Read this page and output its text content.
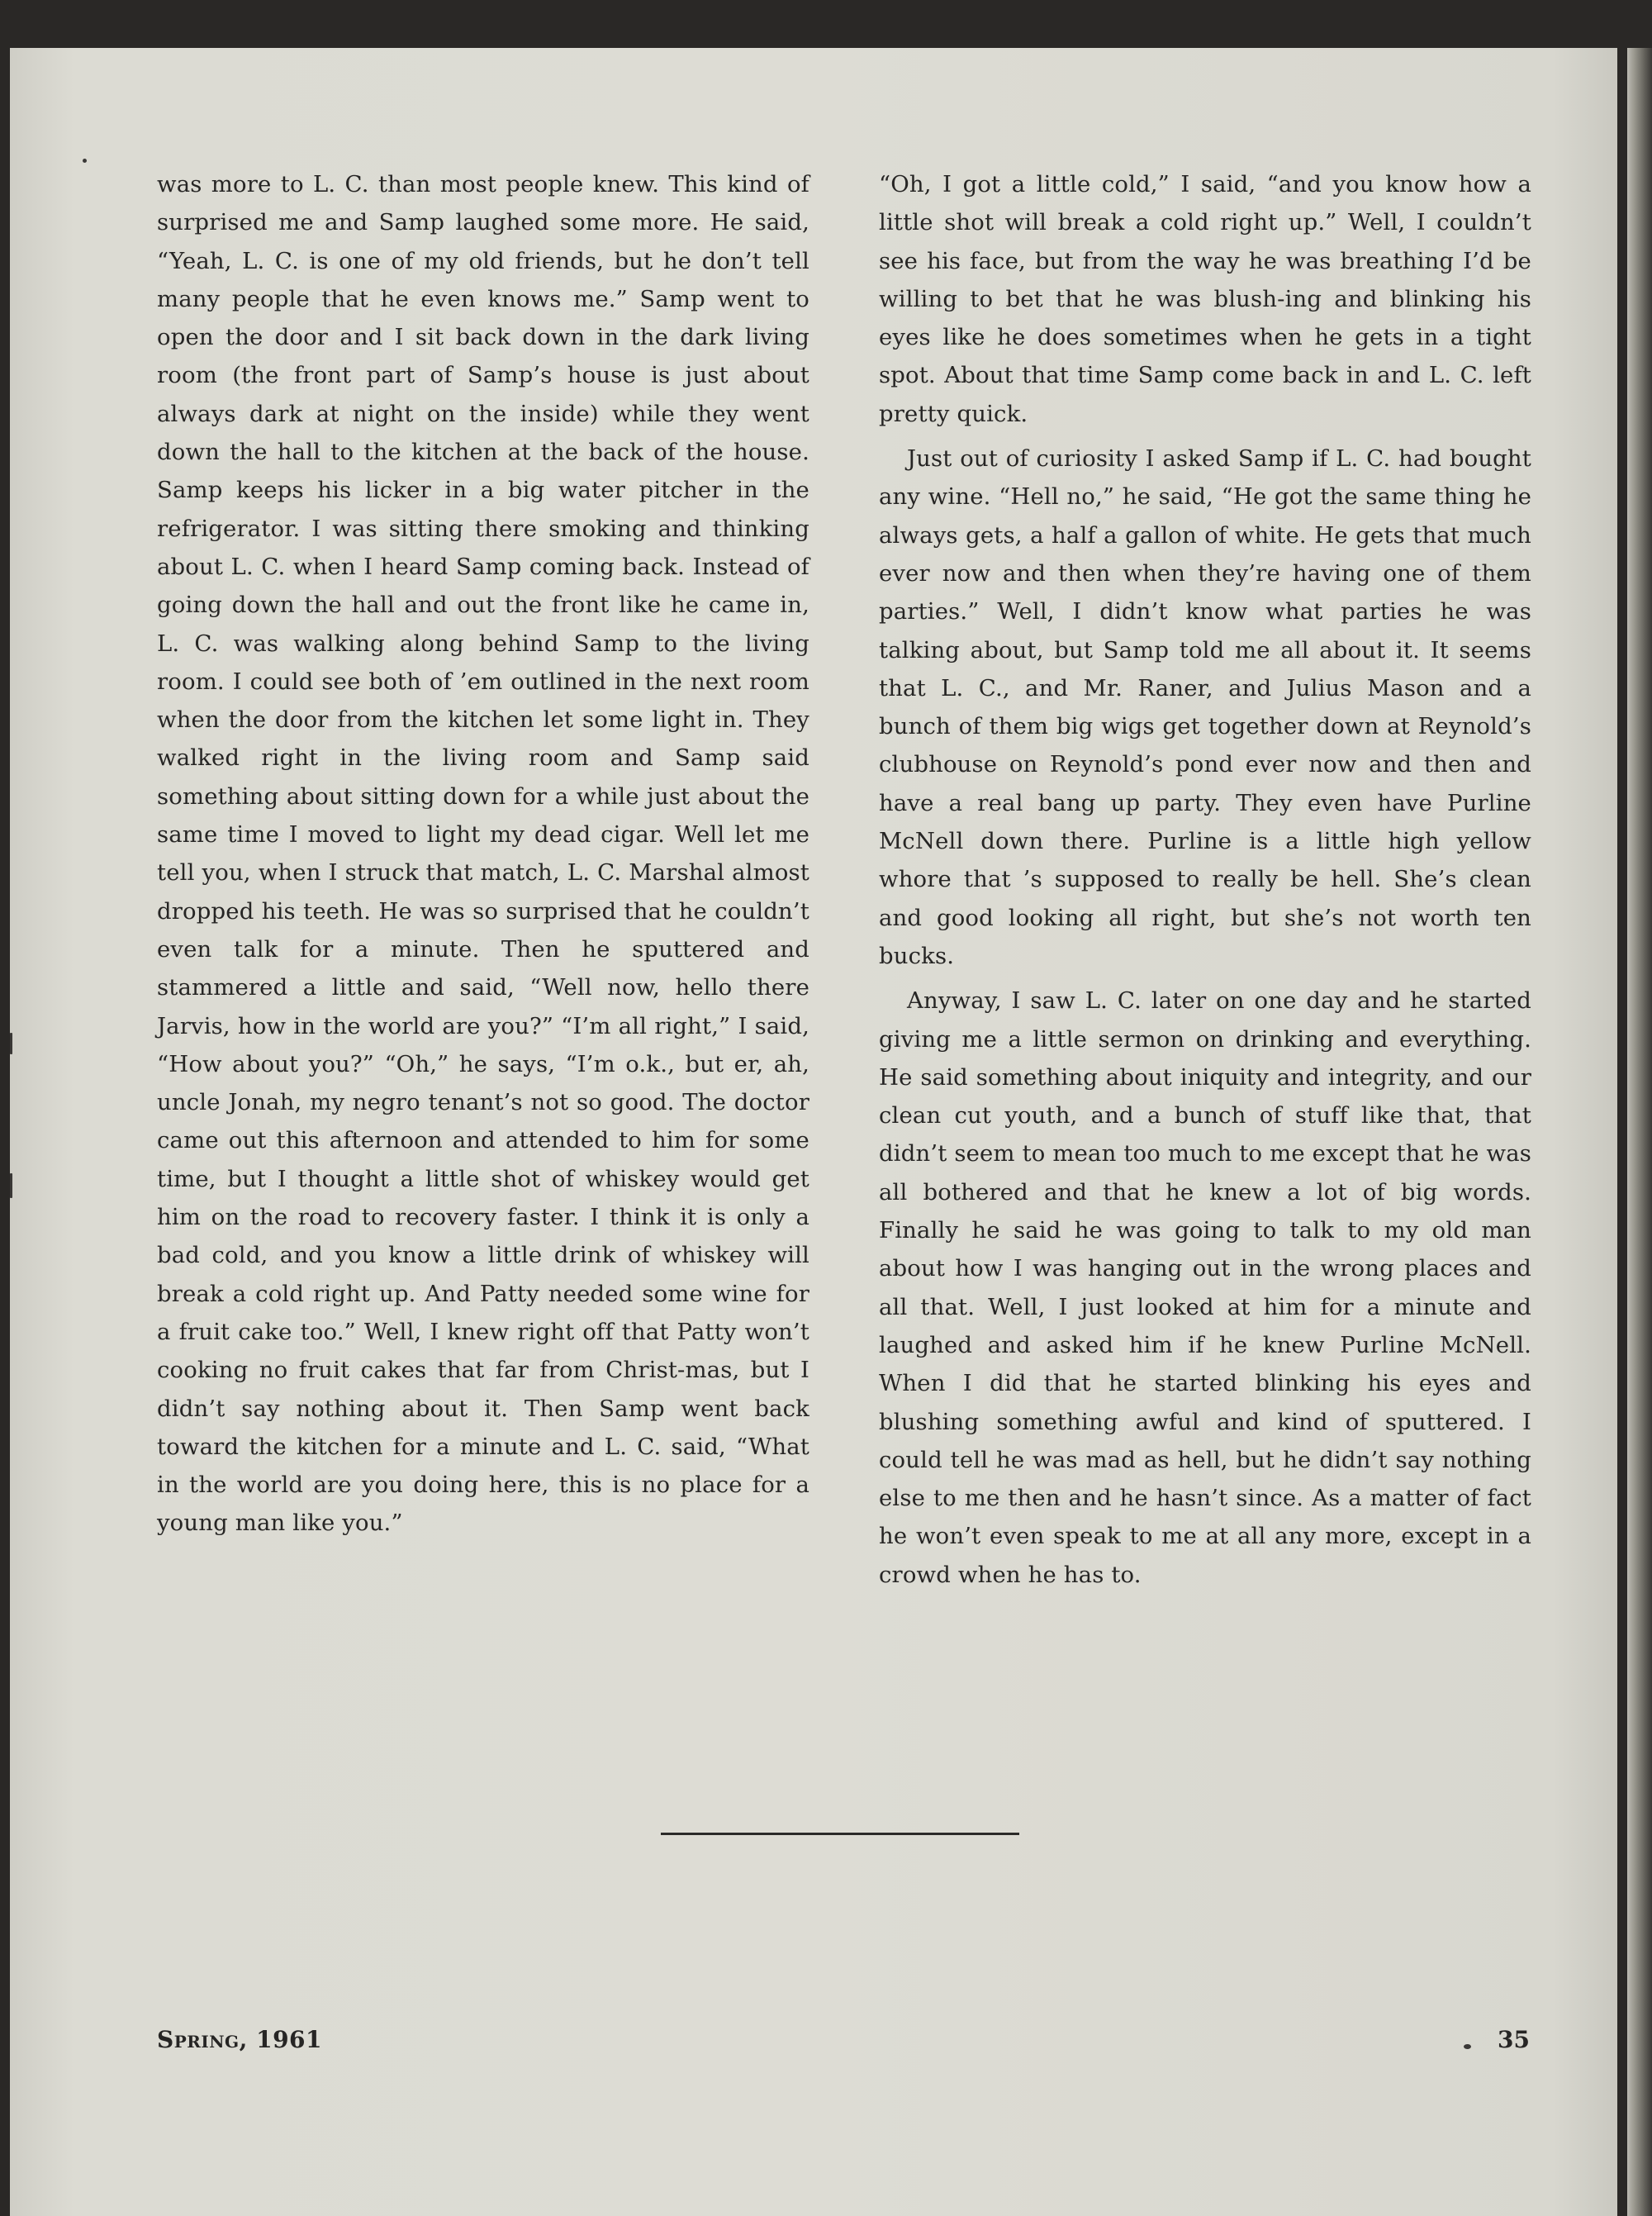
was more to L. C. than most people knew. This kind of surprised me and Samp laughed some more. He said, “Yeah, L. C. is one of my old friends, but he don’t tell many people that he even knows me.” Samp went to open the door and I sit back down in the dark living room (the front part of Samp’s house is just about always dark at night on the inside) while they went down the hall to the kitchen at the back of the house. Samp keeps his licker in a big water pitcher in the refrigerator. I was sitting there smoking and thinking about L. C. when I heard Samp coming back. Instead of going down the hall and out the front like he came in, L. C. was walking along behind Samp to the living room. I could see both of ’em outlined in the next room when the door from the kitchen let some light in. They walked right in the living room and Samp said something about sitting down for a while just about the same time I moved to light my dead cigar. Well let me tell you, when I struck that match, L. C. Marshal almost dropped his teeth. He was so surprised that he couldn’t even talk for a minute. Then he sputtered and stammered a little and said, “Well now, hello there Jarvis, how in the world are you?” “I’m all right,” I said, “How about you?” “Oh,” he says, “I’m o.k., but er, ah, uncle Jonah, my negro tenant’s not so good. The doctor came out this afternoon and attended to him for some time, but I thought a little shot of whiskey would get him on the road to recovery faster. I think it is only a bad cold, and you know a little drink of whiskey will break a cold right up. And Patty needed some wine for a fruit cake too.” Well, I knew right off that Patty won’t cooking no fruit cakes that far from Christ-mas, but I didn’t say nothing about it. Then Samp went back toward the kitchen for a minute and L. C. said, “What in the world are you doing here, this is no place for a young man like you.”

“Oh, I got a little cold,” I said, “and you know how a little shot will break a cold right up.” Well, I couldn’t see his face, but from the way he was breathing I’d be willing to bet that he was blush-ing and blinking his eyes like he does sometimes when he gets in a tight spot. About that time Samp come back in and L. C. left pretty quick.

Just out of curiosity I asked Samp if L. C. had bought any wine. “Hell no,” he said, “He got the same thing he always gets, a half a gallon of white. He gets that much ever now and then when they’re having one of them parties.” Well, I didn’t know what parties he was talking about, but Samp told me all about it. It seems that L. C., and Mr. Raner, and Julius Mason and a bunch of them big wigs get together down at Reynold’s clubhouse on Reynold’s pond ever now and then and have a real bang up party. They even have Purline McNell down there. Purline is a little high yellow whore that ’s supposed to really be hell. She’s clean and good looking all right, but she’s not worth ten bucks.

Anyway, I saw L. C. later on one day and he started giving me a little sermon on drinking and everything. He said something about iniquity and integrity, and our clean cut youth, and a bunch of stuff like that, that didn’t seem to mean too much to me except that he was all bothered and that he knew a lot of big words. Finally he said he was going to talk to my old man about how I was hanging out in the wrong places and all that. Well, I just looked at him for a minute and laughed and asked him if he knew Purline McNell. When I did that he started blinking his eyes and blushing something awful and kind of sputtered. I could tell he was mad as hell, but he didn’t say nothing else to me then and he hasn’t since. As a matter of fact he won’t even speak to me at all any more, except in a crowd when he has to.

Spring, 1961	35
